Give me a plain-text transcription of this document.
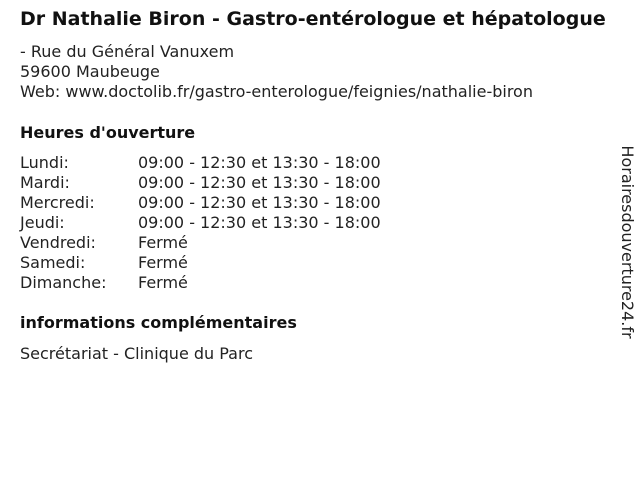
Dr Nathalie Biron - Gastro-entérologue et hépatologue
- Rue du Général Vanuxem
59600 Maubeuge
Web: www.doctolib.fr/gastro-enterologue/feignies/nathalie-biron
Heures d'ouverture
Lundi:	09:00 - 12:30 et 13:30 - 18:00
Mardi:	09:00 - 12:30 et 13:30 - 18:00
Mercredi:	09:00 - 12:30 et 13:30 - 18:00
Jeudi:	09:00 - 12:30 et 13:30 - 18:00
Vendredi:	Fermé
Samedi:	Fermé
Dimanche:	Fermé
informations complémentaires
Secrétariat - Clinique du Parc
Horairesdouverture24.fr
